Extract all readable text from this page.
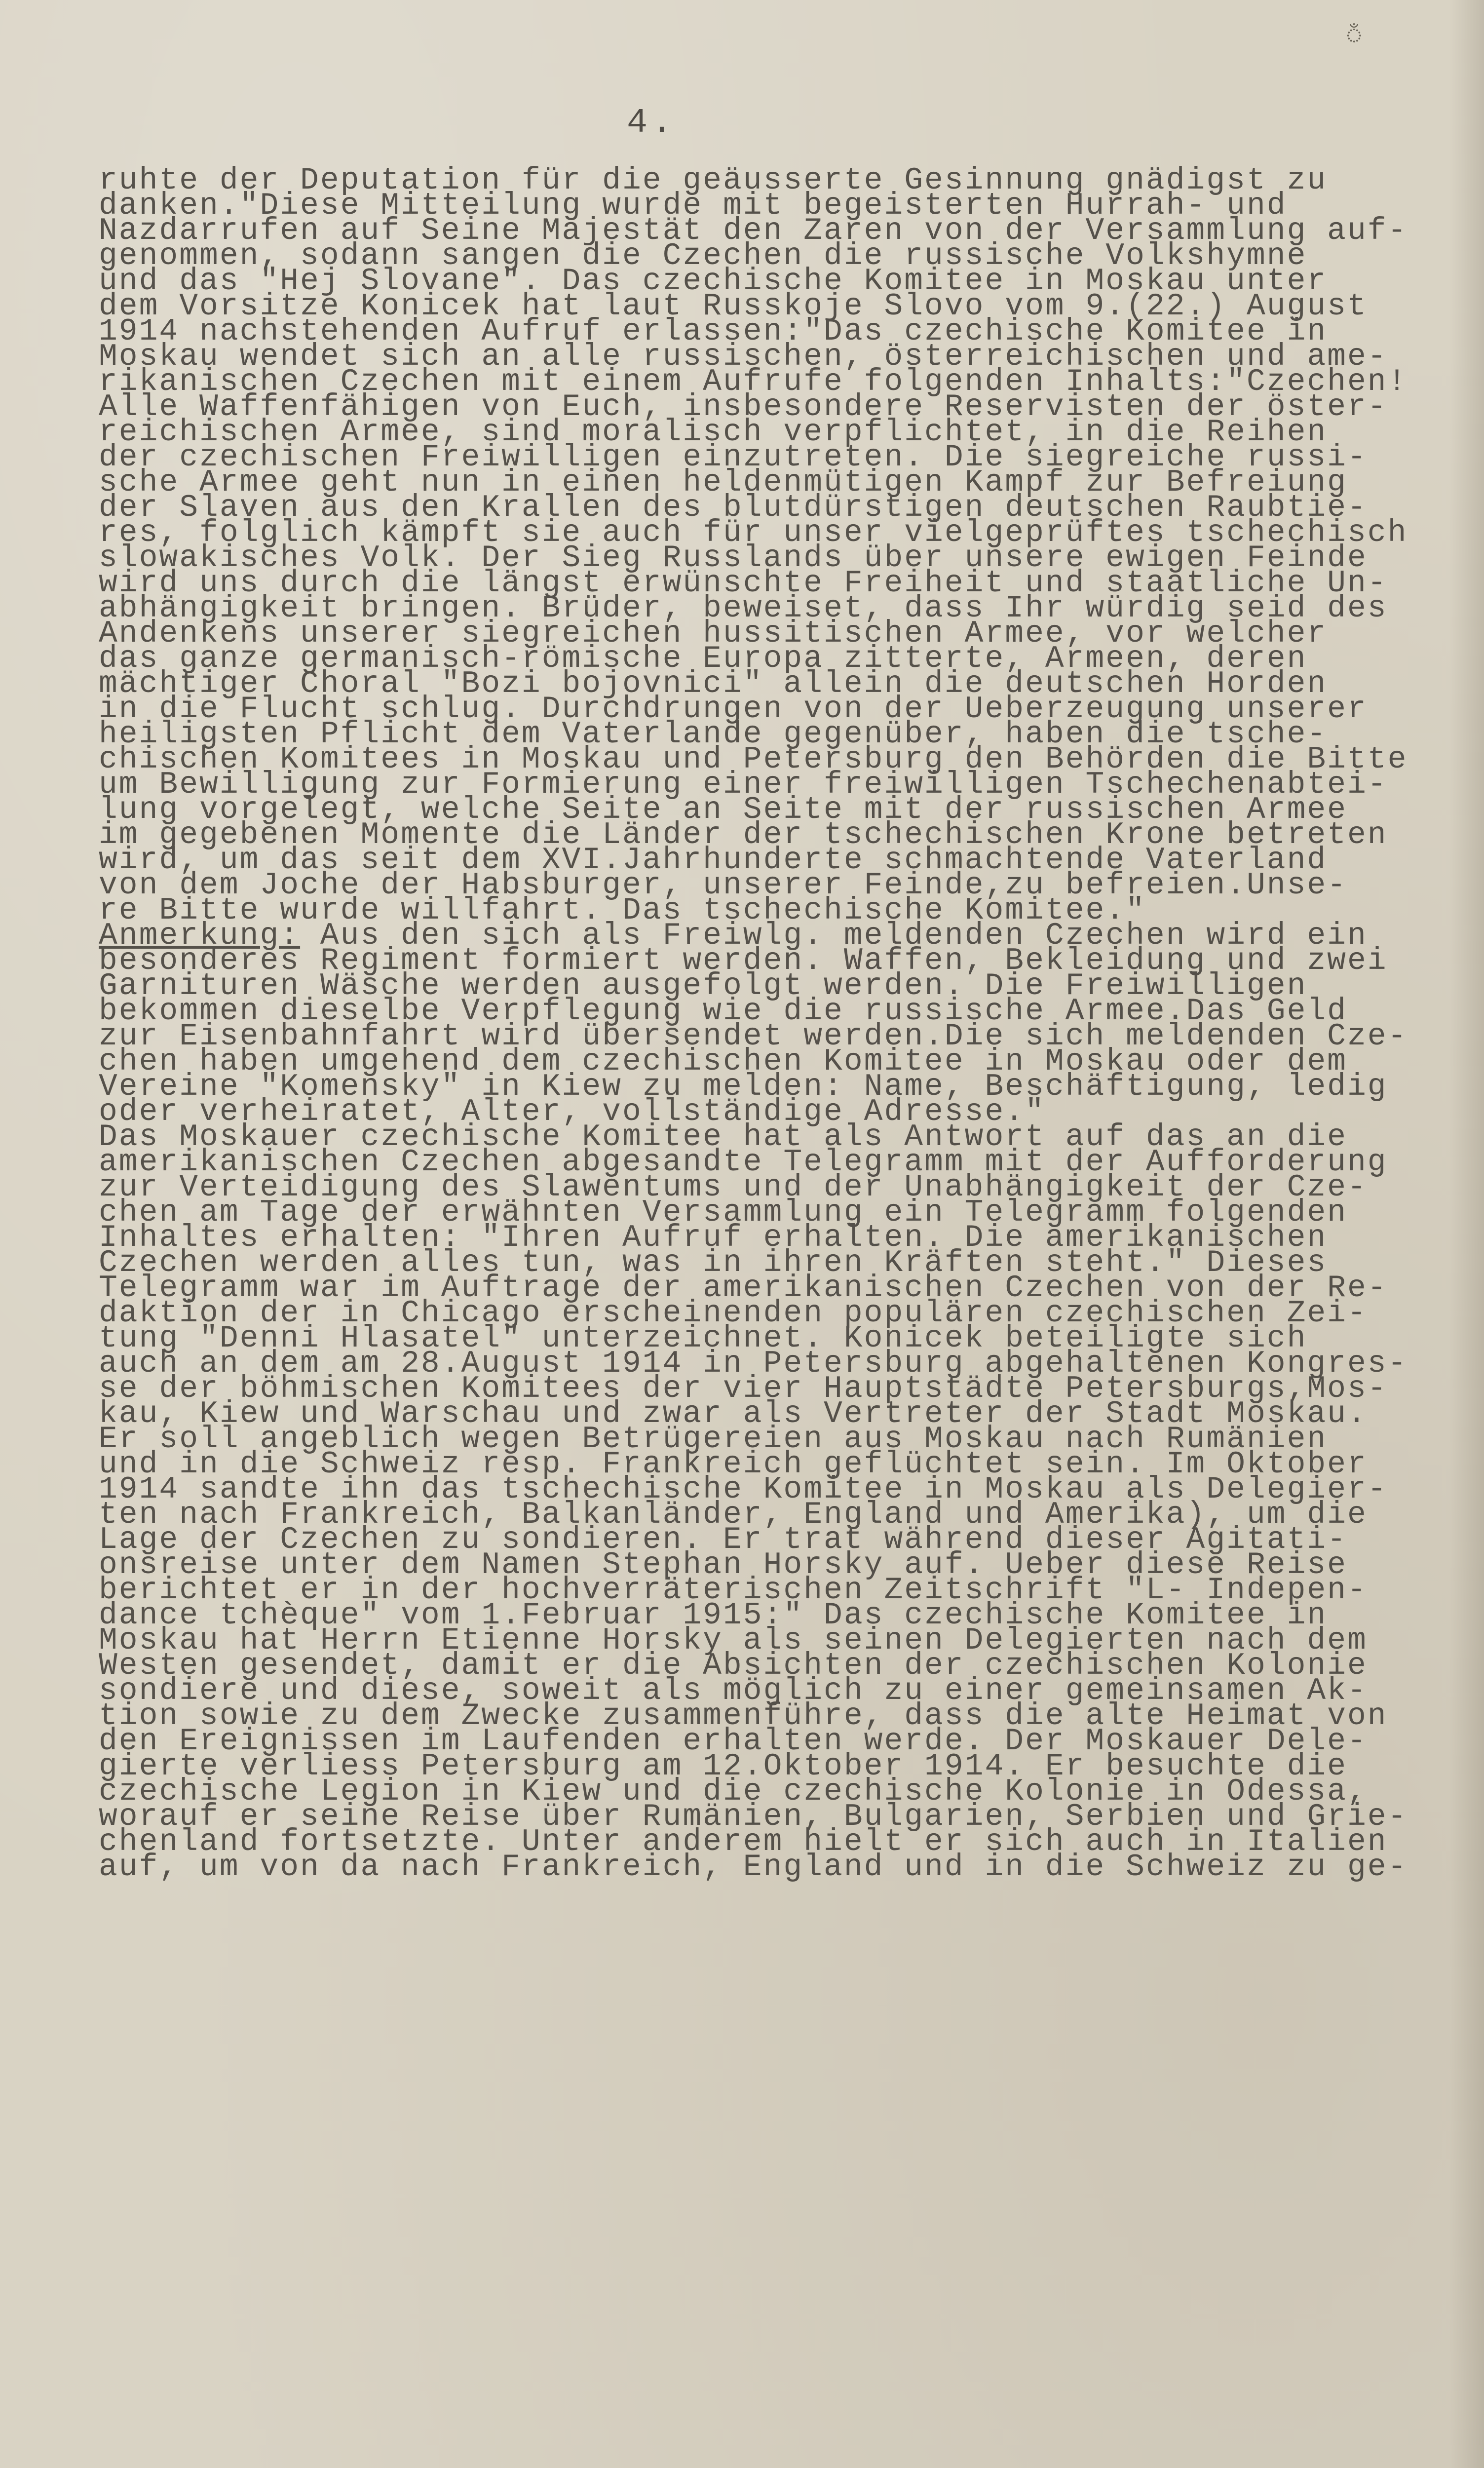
ঁ
4.
ruhte der Deputation für die geäusserte Gesinnung gnädigst zu
danken."Diese Mitteilung wurde mit begeisterten Hurrah- und
Nazdarrufen auf Seine Majestät den Zaren von der Versammlung auf-
genommen, sodann sangen die Czechen die russische Volkshymne
und das "Hej Slovane". Das czechische Komitee in Moskau unter
dem Vorsitze Konicek hat laut Russkoje Slovo vom 9.(22.) August
1914 nachstehenden Aufruf erlassen:"Das czechische Komitee in
Moskau wendet sich an alle russischen, österreichischen und ame-
rikanischen Czechen mit einem Aufrufe folgenden Inhalts:"Czechen!
Alle Waffenfähigen von Euch, insbesondere Reservisten der öster-
reichischen Armee, sind moralisch verpflichtet, in die Reihen
der czechischen Freiwilligen einzutreten. Die siegreiche russi-
sche Armee geht nun in einen heldenmütigen Kampf zur Befreiung
der Slaven aus den Krallen des blutdürstigen deutschen Raubtie-
res, folglich kämpft sie auch für unser vielgeprüftes tschechisch
slowakisches Volk. Der Sieg Russlands über unsere ewigen Feinde
wird uns durch die längst erwünschte Freiheit und staatliche Un-
abhängigkeit bringen. Brüder, beweiset, dass Ihr würdig seid des
Andenkens unserer siegreichen hussitischen Armee, vor welcher
das ganze germanisch-römische Europa zitterte, Armeen, deren
mächtiger Choral "Bozi bojovnici" allein die deutschen Horden
in die Flucht schlug. Durchdrungen von der Ueberzeugung unserer
heiligsten Pflicht dem Vaterlande gegenüber, haben die tsche-
chischen Komitees in Moskau und Petersburg den Behörden die Bitte
um Bewilligung zur Formierung einer freiwilligen Tschechenabtei-
lung vorgelegt, welche Seite an Seite mit der russischen Armee
im gegebenen Momente die Länder der tschechischen Krone betreten
wird, um das seit dem XVI.Jahrhunderte schmachtende Vaterland
von dem Joche der Habsburger, unserer Feinde,zu befreien.Unse-
re Bitte wurde willfahrt. Das tschechische Komitee."
Anmerkung: Aus den sich als Freiwlg. meldenden Czechen wird ein
besonderes Regiment formiert werden. Waffen, Bekleidung und zwei
Garnituren Wäsche werden ausgefolgt werden. Die Freiwilligen
bekommen dieselbe Verpflegung wie die russische Armee.Das Geld
zur Eisenbahnfahrt wird übersendet werden.Die sich meldenden Cze-
chen haben umgehend dem czechischen Komitee in Moskau oder dem
Vereine "Komensky" in Kiew zu melden: Name, Beschäftigung, ledig
oder verheiratet, Alter, vollständige Adresse."
Das Moskauer czechische Komitee hat als Antwort auf das an die
amerikanischen Czechen abgesandte Telegramm mit der Aufforderung
zur Verteidigung des Slawentums und der Unabhängigkeit der Cze-
chen am Tage der erwähnten Versammlung ein Telegramm folgenden
Inhaltes erhalten: "Ihren Aufruf erhalten. Die amerikanischen
Czechen werden alles tun, was in ihren Kräften steht." Dieses
Telegramm war im Auftrage der amerikanischen Czechen von der Re-
daktion der in Chicago erscheinenden populären czechischen Zei-
tung "Denni Hlasatel" unterzeichnet. Konicek beteiligte sich
auch an dem am 28.August 1914 in Petersburg abgehaltenen Kongres-
se der böhmischen Komitees der vier Hauptstädte Petersburgs,Mos-
kau, Kiew und Warschau und zwar als Vertreter der Stadt Moskau.
Er soll angeblich wegen Betrügereien aus Moskau nach Rumänien
und in die Schweiz resp. Frankreich geflüchtet sein. Im Oktober
1914 sandte ihn das tschechische Komitee in Moskau als Delegier-
ten nach Frankreich, Balkanländer, England und Amerika), um die
Lage der Czechen zu sondieren. Er trat während dieser Agitati-
onsreise unter dem Namen Stephan Horsky auf. Ueber diese Reise
berichtet er in der hochverräterischen Zeitschrift "L- Indepen-
dance tchèque" vom 1.Februar 1915:" Das czechische Komitee in
Moskau hat Herrn Etienne Horsky als seinen Delegierten nach dem
Westen gesendet, damit er die Absichten der czechischen Kolonie
sondiere und diese, soweit als möglich zu einer gemeinsamen Ak-
tion sowie zu dem Zwecke zusammenführe, dass die alte Heimat von
den Ereignissen im Laufenden erhalten werde. Der Moskauer Dele-
gierte verliess Petersburg am 12.Oktober 1914. Er besuchte die
czechische Legion in Kiew und die czechische Kolonie in Odessa,
worauf er seine Reise über Rumänien, Bulgarien, Serbien und Grie-
chenland fortsetzte. Unter anderem hielt er sich auch in Italien
auf, um von da nach Frankreich, England und in die Schweiz zu ge-
